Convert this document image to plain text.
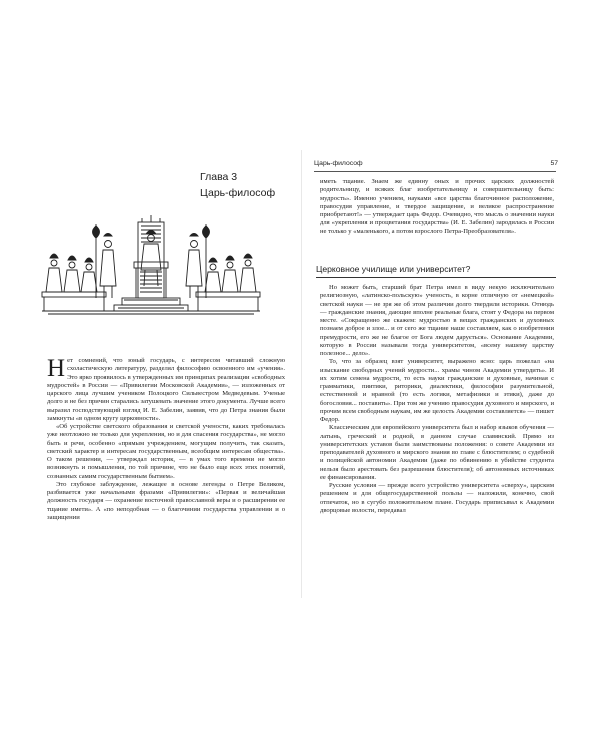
Глава 3
Царь-философ

Нет сомнений, что юный государь, с интересом читавший сложную схоластическую литературу, разделял философию освоенного им «учения». Это ярко проявилось в утвержденных им принципах реализации «свободных мудростей» в России — «Привилегии Московской Академии», — изложенных от царского лица лучшим учеником Полоцкого Сильвестром Медведевым. Ученые долго и не без причин старались затушевать значение этого документа. Лучше всего выразил господствующий взгляд И. Е. Забелин, заявив, что до Петра знания были замкнуты «в одном кругу церковности».

«Об устройстве светского образования и светской учености, каких требовалась уже неотложно не только для укрепления, но и для спасения государства», не могло быть и речи, особенно «прямым учреждением, могущим получить, так сказать, светский характер и интересам государственным, всеобщим интересам общества». О таком решении, — утверждал историк, — в умах того времени не могло возникнуть и помышления, по той причине, что не было еще всех этих понятий, сознанных самим государственным бытием».

Это глубокое заблуждение, лежащее в основе легенды о Петре Великом, разбивается уже начальными фразами «Привилегии»: «Первая и величайшая должность государя — охранение восточной православной веры и о расширении ее тщание имети». А «по неподобная — о благочинии государства управлении и о защищении

Царь-философ	57

иметь тщание. Знаем же единну оных и прочих царских должностей родительницу, и всяких благ изобретательницу и совершительницу быть: мудрость». Именно учением, науками «все царства благочинное расположение, правосудия управление, и твердое защищение, и великое распространение приобретают!» — утверждает царь Федор. Очевидно, что мысль о значении науки для «укрепления и процветания государства» (И. Е. Забелин) зародилась в России не только у «маленького, а потом взрослого Петра-Преобразователя».

Церковное училище или университет?

Но может быть, старший брат Петра имел в виду некую исключительно религиозную, «латинско-польскую» ученость, в корне отличную от «немецкой» светской науки — не зря же об этом различии долго твердили историки. Отнюдь — гражданские знания, дающие вполне реальные блага, стоят у Федора на первом месте. «Сокращенно же скажем: мудростью в вещах гражданских и духовных познаем доброе и злое... и от сего же тщание наше составляем, как о изобретении премудрости, его же не благое от Бога людем дарується». Основание Академии, которую в России называли тогда университетом, «всему нашему царству полезное... дело».

То, что за образец взят университет, выражено ясно: царь пожелал «на изыскание свободных учений мудрости... храмы чином Академии утвердить». И их хотим семена мудрости, то есть науки гражданские и духовные, начиная с грамматики, пиитики, риторики, диалектики, философии разумительной, естественной и нравной (то есть логики, метафизики и этики), даже до богословия... поставить». При том же учению правосудия духовного и мирского, и прочим всем свободным наукам, им же целость Академии составляется» — пишет Федор.

Классическим для европейского университета был и набор языков обучения — латынь, греческий и родной, в данном случае славянский. Прямо из университетских уставов были заимствованы положения: о совете Академии из преподавателей духовного и мирского знания во главе с блюстителем; о судебной и полицейской автономии Академии (даже по обвинению в убийстве студента нельзя было арестовать без разрешения блюстителя); об автономных источниках ее финансирования.

Русские условия — прежде всего устройство университета «сверху», царским решением и для общегосударственной пользы — наложили, конечно, свой отпечаток, но в сугубо положительном плане. Государь приписывал к Академии дворцовые волости, передавал
